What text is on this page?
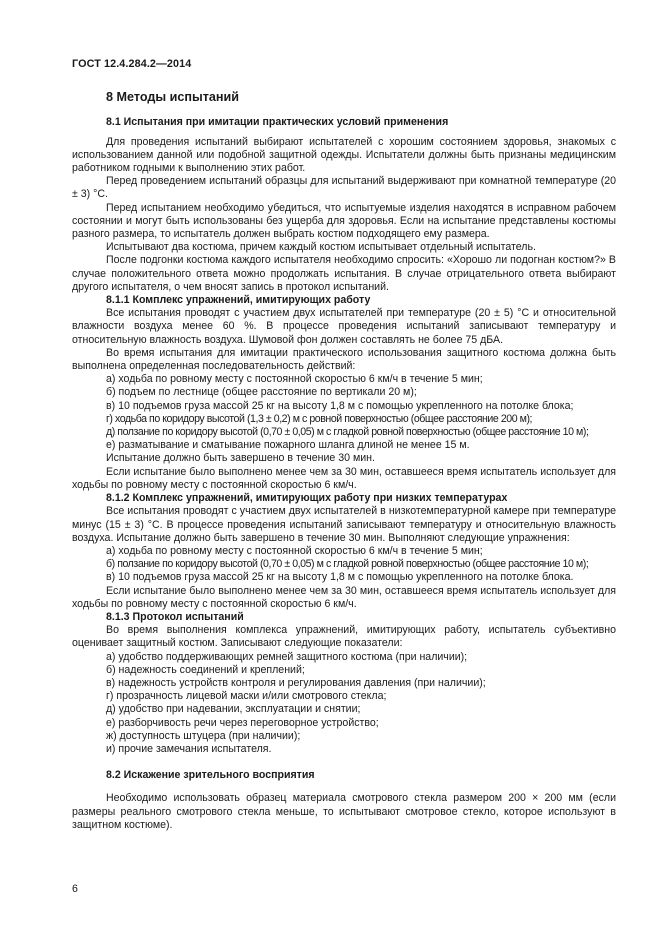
ГОСТ 12.4.284.2—2014
8 Методы испытаний
8.1 Испытания при имитации практических условий применения

Для проведения испытаний выбирают испытателей с хорошим состоянием здоровья, знакомых с использованием данной или подобной защитной одежды. Испытатели должны быть признаны медицинским работником годными к выполнению этих работ.

Перед проведением испытаний образцы для испытаний выдерживают при комнатной температуре (20 ± 3) °С.

Перед испытанием необходимо убедиться, что испытуемые изделия находятся в исправном рабочем состоянии и могут быть использованы без ущерба для здоровья. Если на испытание представлены костюмы разного размера, то испытатель должен выбрать костюм подходящего ему размера.

Испытывают два костюма, причем каждый костюм испытывает отдельный испытатель.

После подгонки костюма каждого испытателя необходимо спросить: «Хорошо ли подогнан костюм?» В случае положительного ответа можно продолжать испытания. В случае отрицательного ответа выбирают другого испытателя, о чем вносят запись в протокол испытаний.

8.1.1 Комплекс упражнений, имитирующих работу

Все испытания проводят с участием двух испытателей при температуре (20 ± 5) °С и относительной влажности воздуха менее 60 %. В процессе проведения испытаний записывают температуру и относительную влажность воздуха. Шумовой фон должен составлять не более 75 дБА.

Во время испытания для имитации практического использования защитного костюма должна быть выполнена определенная последовательность действий:

а) ходьба по ровному месту с постоянной скоростью 6 км/ч в течение 5 мин;
б) подъем по лестнице (общее расстояние по вертикали 20 м);
в) 10 подъемов груза массой 25 кг на высоту 1,8 м с помощью укрепленного на потолке блока;
г) ходьба по коридору высотой (1,3 ± 0,2) м с ровной поверхностью (общее расстояние 200 м);
д) ползание по коридору высотой (0,70 ± 0,05) м с гладкой ровной поверхностью (общее расстояние 10 м);
е) разматывание и сматывание пожарного шланга длиной не менее 15 м.

Испытание должно быть завершено в течение 30 мин.

Если испытание было выполнено менее чем за 30 мин, оставшееся время испытатель использует для ходьбы по ровному месту с постоянной скоростью 6 км/ч.

8.1.2 Комплекс упражнений, имитирующих работу при низких температурах

Все испытания проводят с участием двух испытателей в низкотемпературной камере при температуре минус (15 ± 3) °С. В процессе проведения испытаний записывают температуру и относительную влажность воздуха. Испытание должно быть завершено в течение 30 мин. Выполняют следующие упражнения:

а) ходьба по ровному месту с постоянной скоростью 6 км/ч в течение 5 мин;
б) ползание по коридору высотой (0,70 ± 0,05) м с гладкой ровной поверхностью (общее расстояние 10 м);
в) 10 подъемов груза массой 25 кг на высоту 1,8 м с помощью укрепленного на потолке блока.

Если испытание было выполнено менее чем за 30 мин, оставшееся время испытатель использует для ходьбы по ровному месту с постоянной скоростью 6 км/ч.

8.1.3 Протокол испытаний

Во время выполнения комплекса упражнений, имитирующих работу, испытатель субъективно оценивает защитный костюм. Записывают следующие показатели:

а) удобство поддерживающих ремней защитного костюма (при наличии);
б) надежность соединений и креплений;
в) надежность устройств контроля и регулирования давления (при наличии);
г) прозрачность лицевой маски и/или смотрового стекла;
д) удобство при надевании, эксплуатации и снятии;
е) разборчивость речи через переговорное устройство;
ж) доступность штуцера (при наличии);
и) прочие замечания испытателя.
8.2 Искажение зрительного восприятия

Необходимо использовать образец материала смотрового стекла размером 200 × 200 мм (если размеры реального смотрового стекла меньше, то испытывают смотровое стекло, которое используют в защитном костюме).

6
